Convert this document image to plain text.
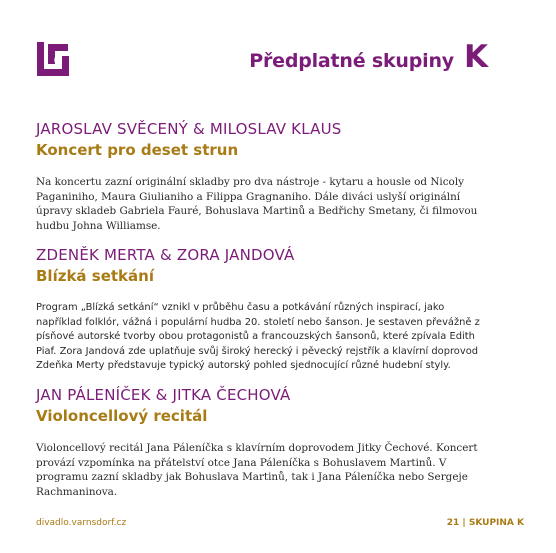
Předplatné skupiny K
JAROSLAV SVĚCENÝ & MILOSLAV KLAUS
Koncert pro deset strun

Na koncertu zazní originální skladby pro dva nástroje - kytaru a housle od Nicoly Paganiniho, Maura Giulianiho a Filippa Gragnaniho. Dále diváci uslyší originální úpravy skladeb Gabriela Fauré, Bohuslava Martinů a Bedřichy Smetany, či filmovou hudbu Johna Williamse.

ZDENĚK MERTA & ZORA JANDOVÁ
Blízká setkání

Program „Blízká setkání“ vznikl v průběhu času a potkávání různých inspirací, jako například folklór, vážná i populární hudba 20. století nebo šanson. Je sestaven převážně z písňové autorské tvorby obou protagonistů a francouzských šansonů, které zpívala Edith Piaf. Zora Jandová zde uplatňuje svůj široký herecký i pěvecký rejstřík a klavírní doprovod Zdeňka Merty představuje typický autorský pohled sjednocující různé hudební styly.

JAN PÁLENÍČEK & JITKA ČECHOVÁ
Violoncellový recitál

Violoncellový recitál Jana Páleníčka s klavírním doprovodem Jitky Čechové. Koncert provází vzpomínka na přátelství otce Jana Páleníčka s Bohuslavem Martinů. V programu zazní skladby jak Bohuslava Martinů, tak i Jana Páleníčka nebo Sergeje Rachmaninova.

divadlo.varnsdorf.cz	21 | SKUPINA K
